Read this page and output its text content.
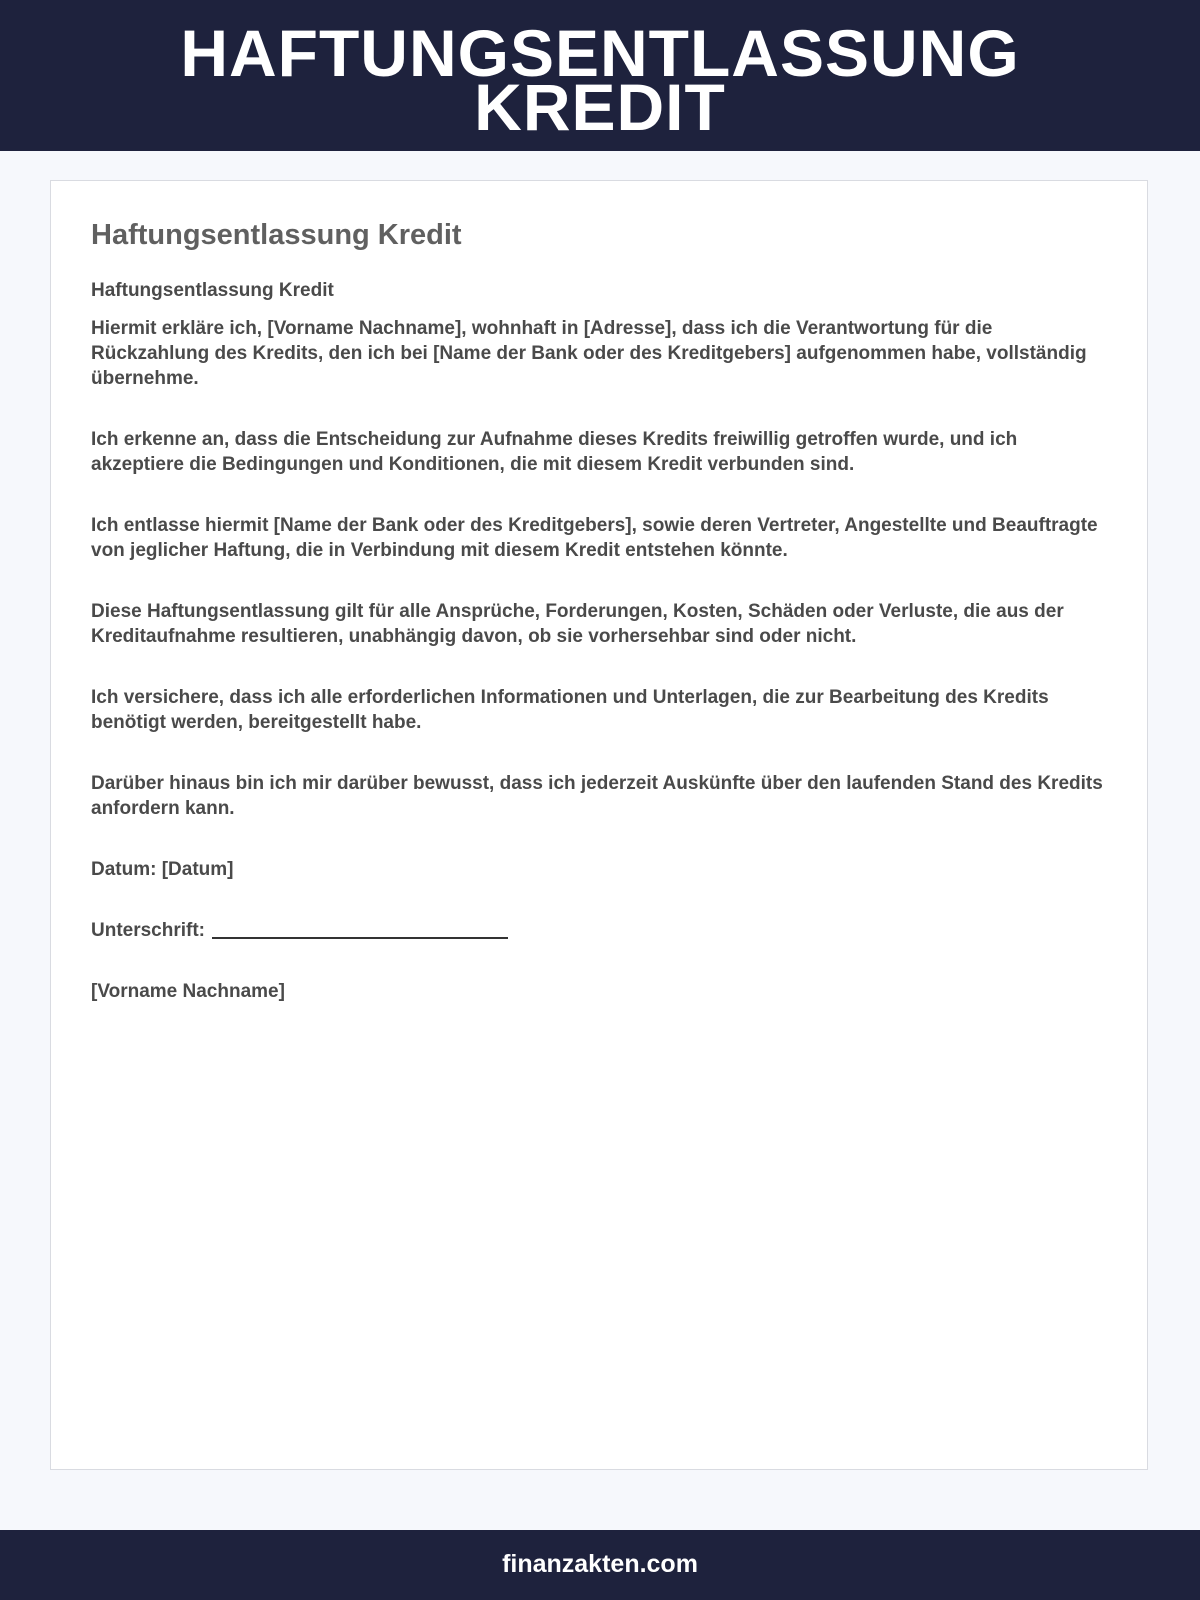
HAFTUNGSENTLASSUNG
KREDIT
Haftungsentlassung Kredit
Haftungsentlassung Kredit

Hiermit erkläre ich, [Vorname Nachname], wohnhaft in [Adresse], dass ich die Verantwortung für die Rückzahlung des Kredits, den ich bei [Name der Bank oder des Kreditgebers] aufgenommen habe, vollständig übernehme.

Ich erkenne an, dass die Entscheidung zur Aufnahme dieses Kredits freiwillig getroffen wurde, und ich akzeptiere die Bedingungen und Konditionen, die mit diesem Kredit verbunden sind.

Ich entlasse hiermit [Name der Bank oder des Kreditgebers], sowie deren Vertreter, Angestellte und Beauftragte von jeglicher Haftung, die in Verbindung mit diesem Kredit entstehen könnte.

Diese Haftungsentlassung gilt für alle Ansprüche, Forderungen, Kosten, Schäden oder Verluste, die aus der Kreditaufnahme resultieren, unabhängig davon, ob sie vorhersehbar sind oder nicht.

Ich versichere, dass ich alle erforderlichen Informationen und Unterlagen, die zur Bearbeitung des Kredits benötigt werden, bereitgestellt habe.

Darüber hinaus bin ich mir darüber bewusst, dass ich jederzeit Auskünfte über den laufenden Stand des Kredits anfordern kann.

Datum: [Datum]

Unterschrift:

[Vorname Nachname]

finanzakten.com
